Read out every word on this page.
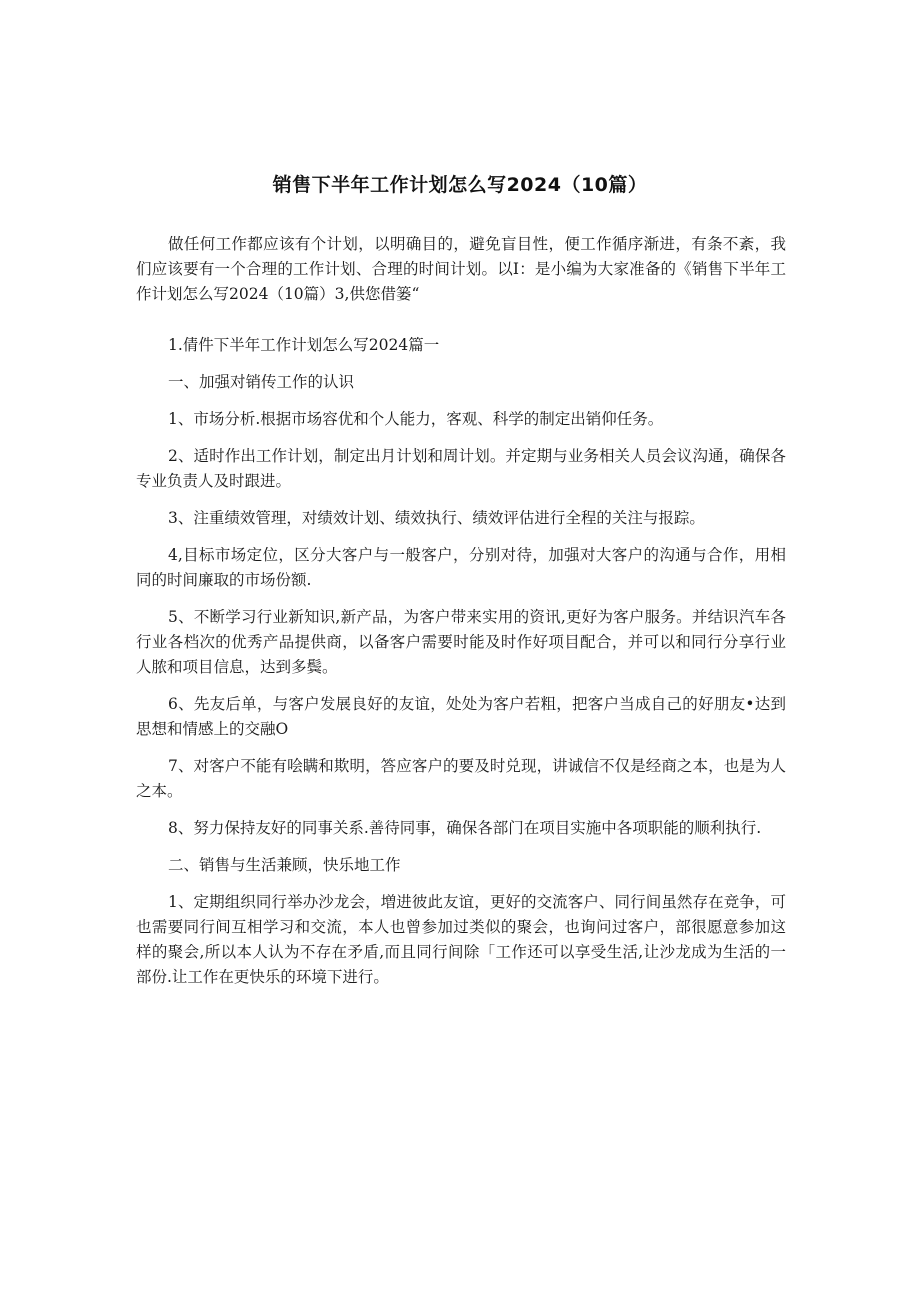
销售下半年工作计划怎么写2024（10篇）

做任何工作都应该有个计划，以明确目的，避免盲目性，便工作循序渐进，有条不紊，我们应该要有一个合理的工作计划、合理的时间计划。以I：是小编为大家准备的《销售下半年工作计划怎么写2024（10篇）3,供您借篓“

1.倩件下半年工作计划怎么写2024篇一

一、加强对销传工作的认识

1、市场分析.根据市场容优和个人能力，客观、科学的制定出销仰任务。

2、适时作出工作计划，制定出月计划和周计划。并定期与业务相关人员会议沟通，确保各专业负责人及时跟进。

3、注重绩效管理，对绩效计划、绩效执行、绩效评估进行全程的关注与报踪。

4,目标市场定位，区分大客户与一般客户，分别对待，加强对大客户的沟通与合作，用相同的时间廉取的市场份额.

5、不断学习行业新知识,新产品，为客户带来实用的资讯,更好为客户服务。并结识汽车各行业各档次的优秀产品提供商，以备客户需要时能及时作好项目配合，并可以和同行分享行业人脓和项目信息，达到多鬓。

6、先友后单，与客户发展良好的友谊，处处为客户若粗，把客户当成自己的好朋友•达到思想和情感上的交融O

7、对客户不能有哙瞒和欺明，答应客户的要及时兑现，讲诚信不仅是经商之本，也是为人之本。

8、努力保持友好的同事关系.善待同事，确保各部门在项目实施中各项职能的顺利执行.

二、销售与生活兼顾，快乐地工作

1、定期组织同行举办沙龙会，増进彼此友谊，更好的交流客户、同行间虽然存在竞争，可也需要同行间互相学习和交流，本人也曾参加过类似的聚会，也询问过客户，部很愿意参加这样的聚会,所以本人认为不存在矛盾,而且同行间除「工作还可以享受生活,让沙龙成为生活的一部份.让工作在更快乐的环境下进行。
